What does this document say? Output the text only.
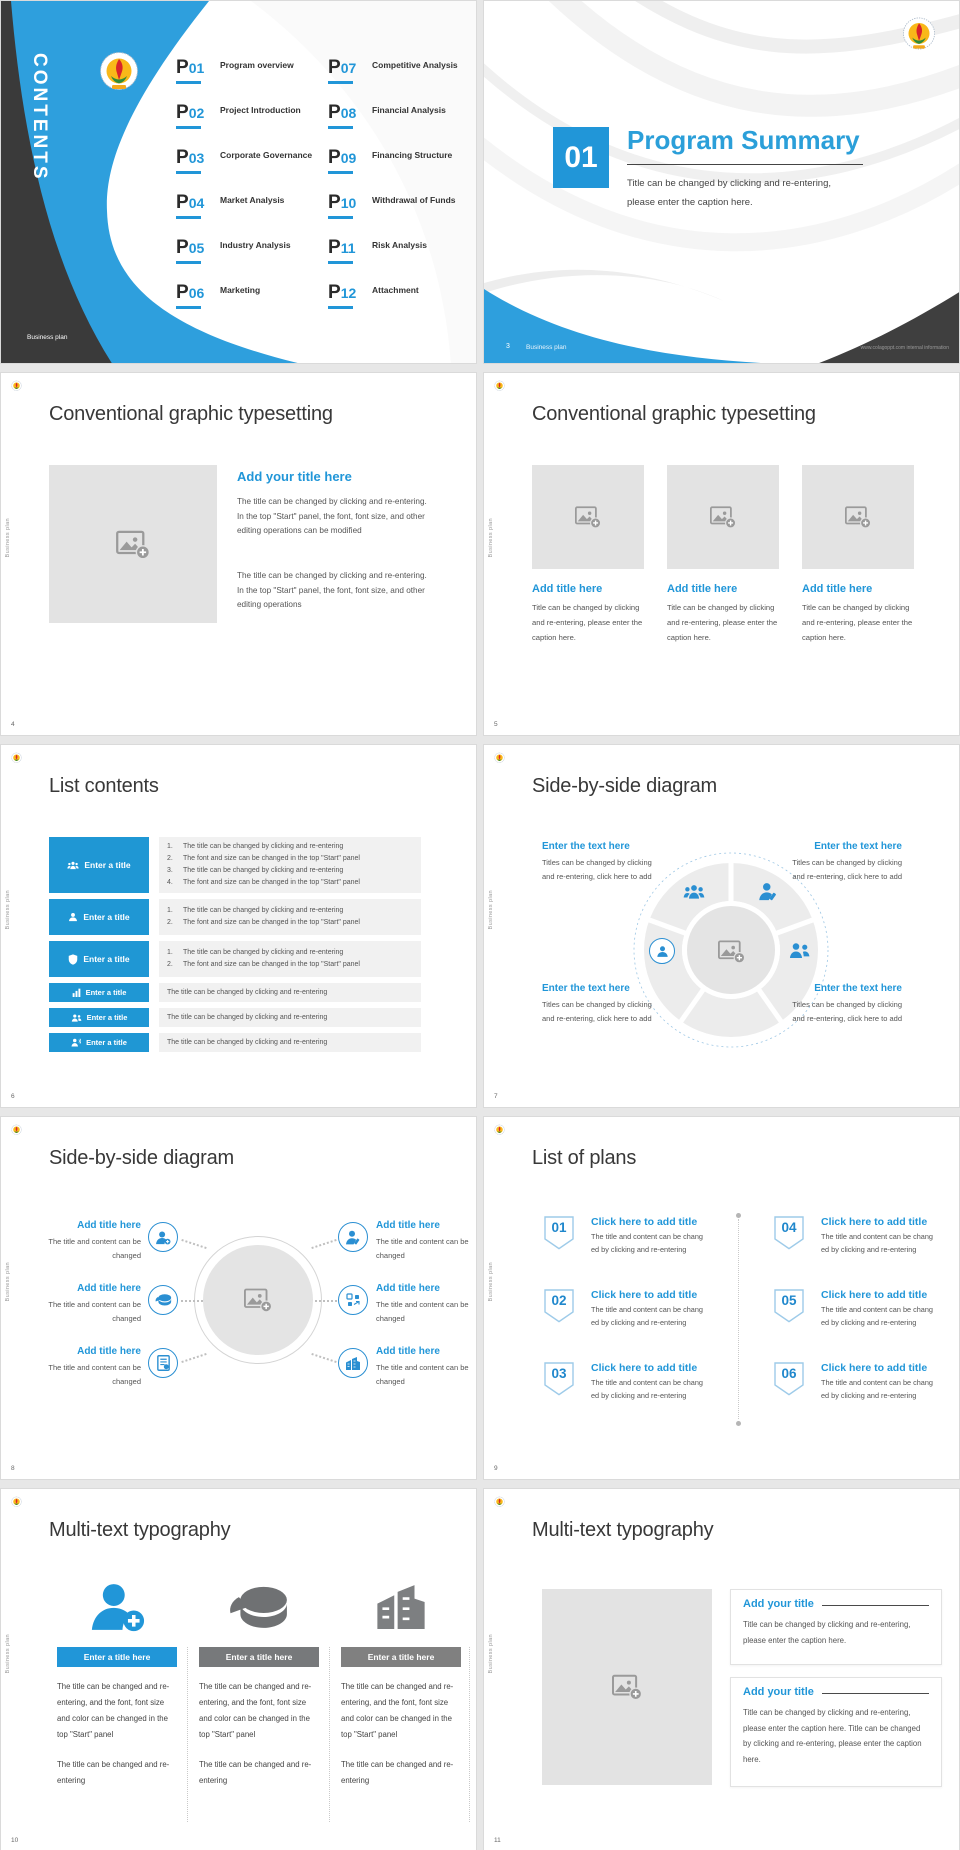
CONTENTS	P01 Program overview
P02 Project Introduction
P03 Corporate Governance
P04 Market Analysis
P05 Industry Analysis
P06 Marketing
P07 Competitive Analysis
P08 Financial Analysis
P09 Financing Structure
P10 Withdrawal of Funds
P11 Risk Analysis
P12 Attachment
Business plan
01
Program Summary
Title can be changed by clicking and re-entering, please enter the caption here.
3 Business plan	www.colagoppt.com internal information
Business plan
Conventional graphic typesetting
Add your title here
The title can be changed by clicking and re-entering. In the top "Start" panel, the font, font size, and other editing operations can be modified
The title can be changed by clicking and re-entering. In the top "Start" panel, the font, font size, and other editing operations
4
Business plan
Conventional graphic typesetting
Add title here	Add title here	Add title here
Title can be changed by clicking and re-entering, please enter the caption here.
Title can be changed by clicking and re-entering, please enter the caption here.
Title can be changed by clicking and re-entering, please enter the caption here.
5
Business plan
List contents
Enter a title
1.	The title can be changed by clicking and re-entering
2.	The font and size can be changed in the top "Start" panel
3.	The title can be changed by clicking and re-entering
4.	The font and size can be changed in the top "Start" panel
Enter a title
1.	The title can be changed by clicking and re-entering
2.	The font and size can be changed in the top "Start" panel
Enter a title
1.	The title can be changed by clicking and re-entering
2.	The font and size can be changed in the top "Start" panel
Enter a title	The title can be changed by clicking and re-entering
Enter a title	The title can be changed by clicking and re-entering
Enter a title	The title can be changed by clicking and re-entering
6
Business plan
Side-by-side diagram
Enter the text here

Titles can be changed by clicking and re-entering, click here to add

Enter the text here

Titles can be changed by clicking and re-entering, click here to add

Enter the text here

Titles can be changed by clicking and re-entering, click here to add

Enter the text here

Titles can be changed by clicking and re-entering, click here to add

7
Business plan
Side-by-side diagram
Add title here

The title and content can be changed

Add title here

The title and content can be changed

Add title here

The title and content can be changed

Add title here

The title and content can be changed

Add title here

The title and content can be changed

Add title here

The title and content can be changed

8
Business plan
List of plans
01	Click here to add title
The title and content can be chang
ed by clicking and re-entering
02	Click here to add title
The title and content can be chang
ed by clicking and re-entering
03	Click here to add title
The title and content can be chang
ed by clicking and re-entering
04	Click here to add title
The title and content can be chang
ed by clicking and re-entering
05	Click here to add title
The title and content can be chang
ed by clicking and re-entering
06	Click here to add title
The title and content can be chang
ed by clicking and re-entering
9
Business plan
Multi-text typography
Enter a title here

The title can be changed and re-entering, and the font, font size and color can be changed in the top "Start" panel

The title can be changed and re-entering

Enter a title here

The title can be changed and re-entering, and the font, font size and color can be changed in the top "Start" panel

The title can be changed and re-entering

Enter a title here

The title can be changed and re-entering, and the font, font size and color can be changed in the top "Start" panel

The title can be changed and re-entering

10
Business plan
Multi-text typography
Add your title

Title can be changed by clicking and re-entering, please enter the caption here.

Add your title

Title can be changed by clicking and re-entering, please enter the caption here. Title can be changed by clicking and re-entering, please enter the caption here.

11
